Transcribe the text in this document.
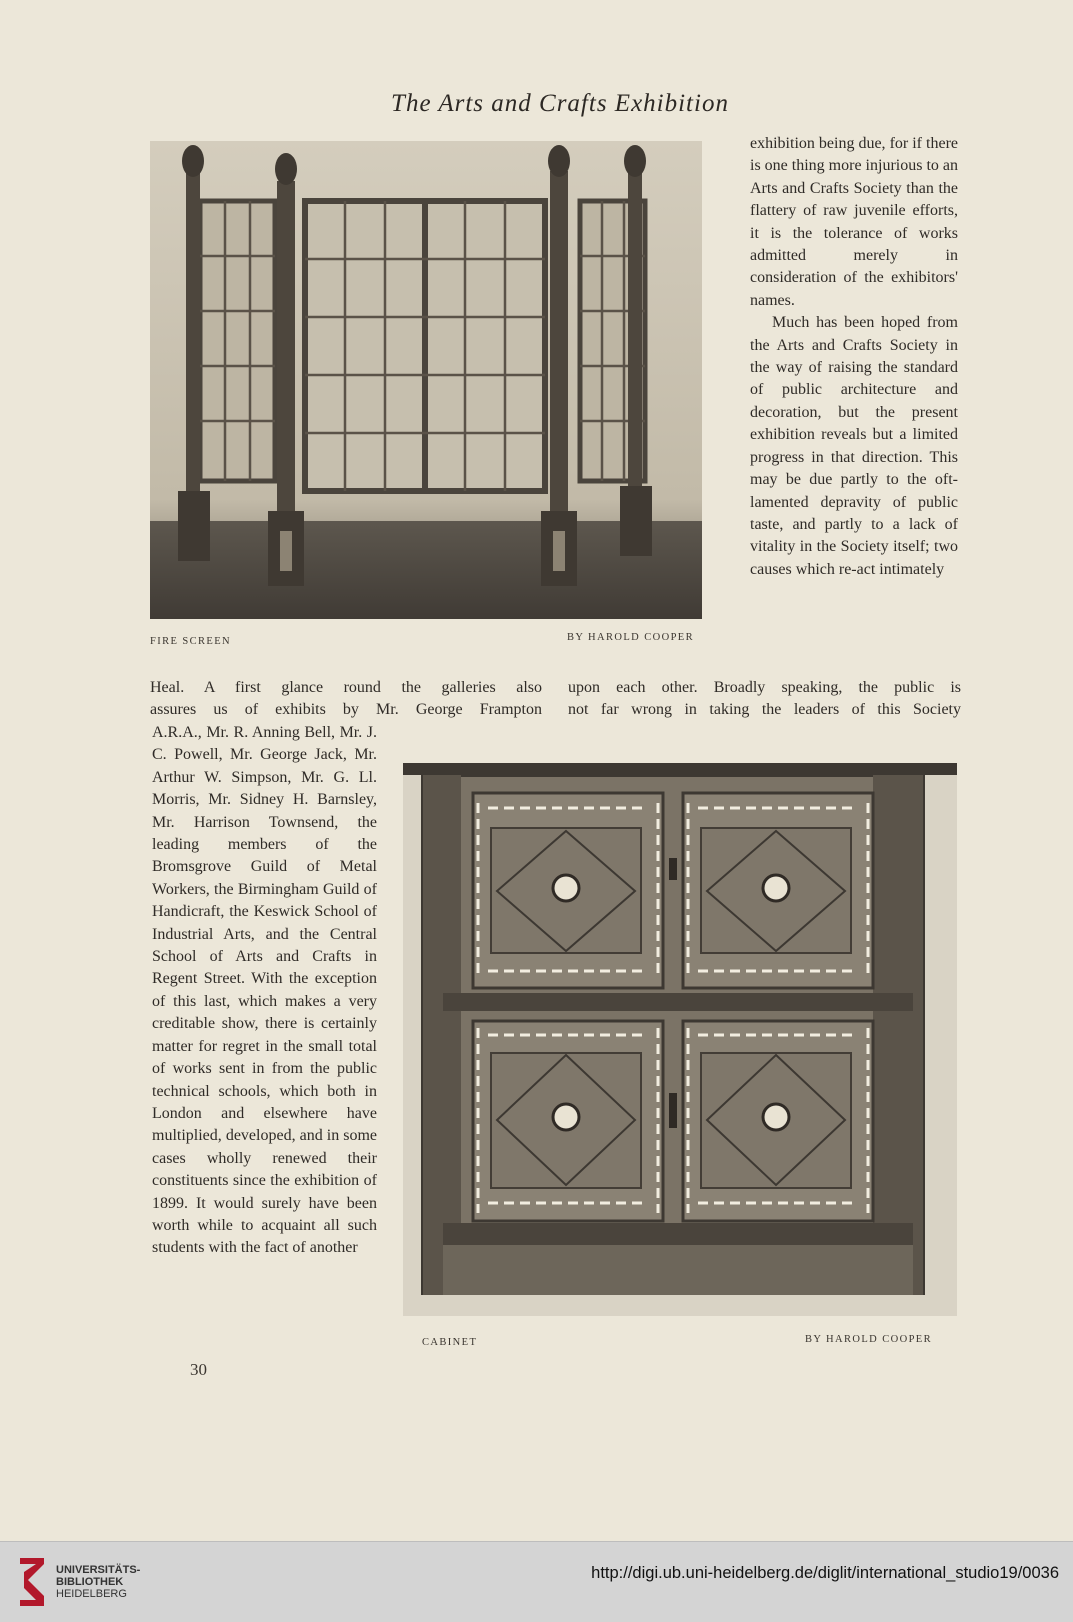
The Arts and Crafts Exhibition
FIRE SCREEN	BY HAROLD COOPER

exhibition being due, for if there is one thing more injurious to an Arts and Crafts Society than the flattery of raw juvenile efforts, it is the tolerance of works admitted merely in consideration of the exhibitors' names.

Much has been hoped from the Arts and Crafts Society in the way of raising the standard of public architecture and decoration, but the present exhibition reveals but a limited progress in that direction. This may be due partly to the oft-lamented depravity of public taste, and partly to a lack of vitality in the Society itself; two causes which re-act intimately

Heal. A first glance round the galleries also
assures us of exhibits by Mr. George Frampton
upon each other. Broadly speaking, the public is
not far wrong in taking the leaders of this Society
A.R.A., Mr. R. Anning Bell, Mr. J. C. Powell, Mr. George Jack, Mr. Arthur W. Simpson, Mr. G. Ll. Morris, Mr. Sidney H. Barnsley, Mr. Harrison Townsend, the leading members of the Bromsgrove Guild of Metal Workers, the Birmingham Guild of Handicraft, the Keswick School of Industrial Arts, and the Central School of Arts and Crafts in Regent Street. With the exception of this last, which makes a very creditable show, there is certainly matter for regret in the small total of works sent in from the public technical schools, which both in London and elsewhere have multiplied, developed, and in some cases wholly renewed their constituents since the exhibition of 1899. It would surely have been worth while to acquaint all such students with the fact of another
CABINET	BY HAROLD COOPER
30
UNIVERSITÄTS-
BIBLIOTHEK
HEIDELBERG
http://digi.ub.uni-heidelberg.de/diglit/international_studio19/0036
